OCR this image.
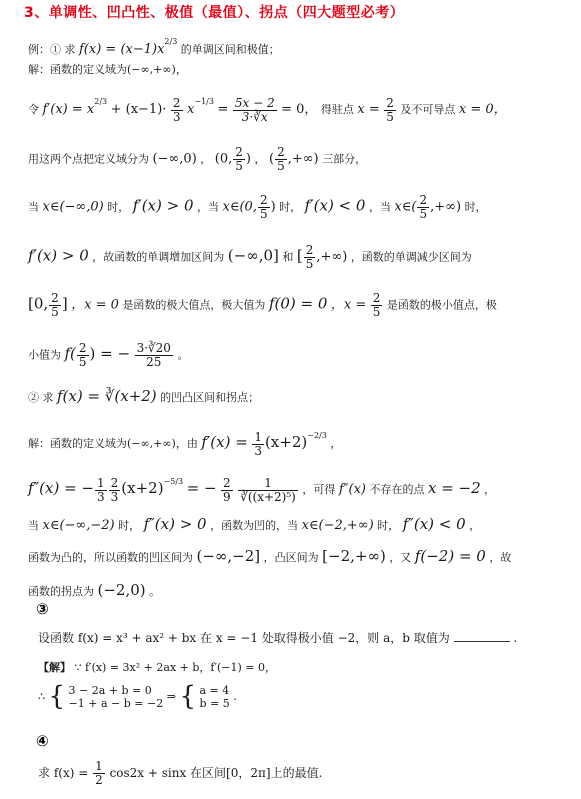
3、单调性、凹凸性、极值（最值）、拐点（四大题型必考）
例：① 求 $f(x) = (x-1)x^{2/3}$ 的单调区间和极值；
解：函数的定义域为(−∞,+∞)，
令 $f'(x) = x^{2/3} + (x-1)\cdot \frac{2}{3} x^{-1/3} = \frac{5x - 2}{3\cdot∛x} = 0$， 得驻点 $x = \frac{2}{5}$ 及不可导点 x = 0，
用这两个点把定义域分为 (−∞,0) ， (0, $\frac{2}{5}$ ) ， ( $\frac{2}{5}$ ,+∞) 三部分，
当 x∈(−∞,0) 时， f′(x) > 0 ，当 x∈(0, $\frac{2}{5}$ ) 时， f′(x) < 0 ，当 x∈( $\frac{2}{5}$ ,+∞) 时，
f′(x) > 0 ，故函数的单调增加区间为 (−∞,0] 和 [ $\frac{2}{5}$ ,+∞) ，函数的单调减少区间为
[0, $\frac{2}{5}$ ] ，x = 0 是函数的极大值点，极大值为 f(0) = 0 ，$x = \frac{2}{5}$ 是函数的极小值点，极
小值为 $f( \frac{2}{5}$ ) = − $\frac{3\cdot∛20}{25}$ 。
② 求 f(x) = ∛(x+2) 的凹凸区间和拐点；
解：函数的定义域为(−∞,+∞)，由 $f'(x) = \frac{1}{3} (x+2)^{-2/3}$ ，
f″(x) = − $\frac{1}{3} \frac{2}{3} (x+2)^{-5/3}$ = − $\frac{2}{9}$
$\frac{1}{\text{∛((x+2)⁵)}}$ ，可得 f″(x) 不存在的点 x = −2 ，
当 x∈(−∞,−2) 时， f″(x) > 0 ，函数为凹的，当 x∈(−2,+∞) 时， f″(x) < 0 ，
函数为凸的，所以函数的凹区间为 (−∞,−2] ，凸区间为 [−2,+∞) ，又 f(−2) = 0 ，故
函数的拐点为 (−2,0) 。
③
设函数 f(x) = x³ + ax² + bx 在 x = −1 处取得极小值 −2，则 a，b 取值为	.
【解】 ∵ f′(x) = 3x² + 2ax + b，f′(−1) = 0，
∴ { 3 − 2a + b = 0
−1 + a − b = −2
⇒ { a = 4
b = 5
.
④
求 $f(x) = \frac{1}{2} \cos 2x + \sin x$ 在区间[0，2π]上的最值.
